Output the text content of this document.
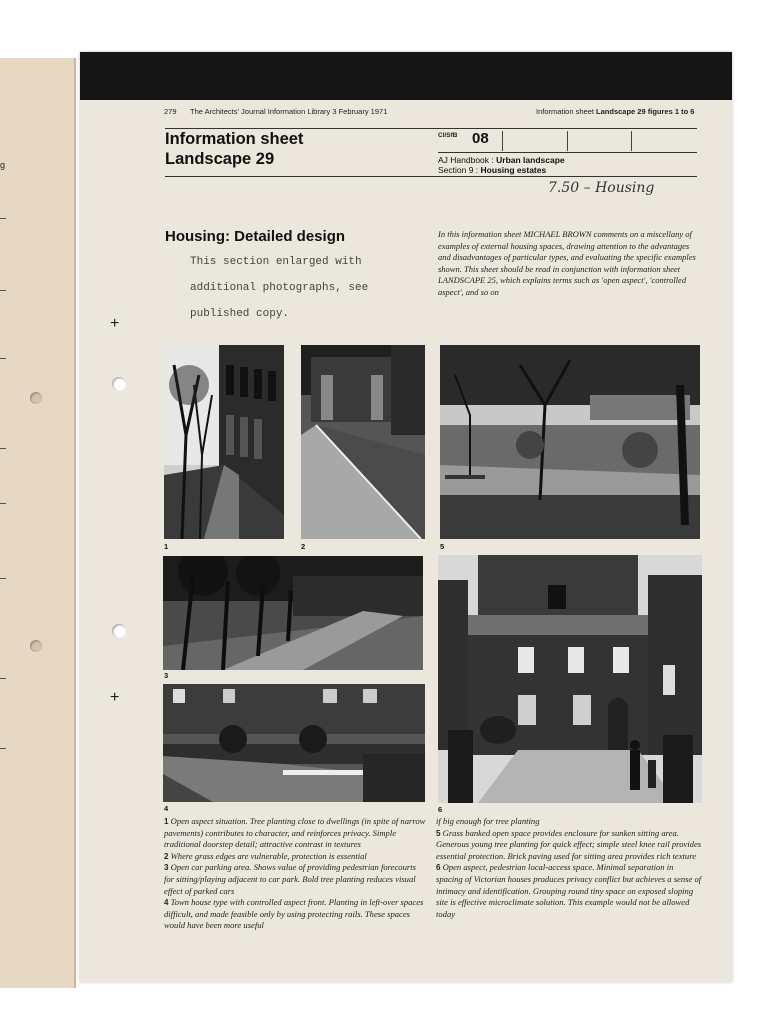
g
+
+
279 The Architects' Journal Information Library 3 February 1971	Information sheet Landscape 29 figures 1 to 6
Information sheet
Landscape 29
CI/SfB 08
AJ Handbook : Urban landscape
Section 9 : Housing estates
7.50 – Housing
Housing: Detailed design
This section enlarged with
additional photographs, see
published copy.
In this information sheet MICHAEL BROWN comments on a miscellany of examples of external housing spaces, drawing attention to the advantages and disadvantages of particular types, and evaluating the specific examples shown. This sheet should be read in conjunction with information sheet LANDSCAPE 25, which explains terms such as 'open aspect', 'controlled aspect', and so on
1	2	5
3
4	6

1 Open aspect situation. Tree planting close to dwellings (in spite of narrow pavements) contributes to character, and reinforces privacy. Simple traditional doorstep detail; attractive contrast in textures

2 Where grass edges are vulnerable, protection is essential

3 Open car parking area. Shows value of providing pedestrian forecourts for sitting/playing adjacent to car park. Bold tree planting reduces visual effect of parked cars

4 Town house type with controlled aspect front. Planting in left-over spaces difficult, and made feasible only by using protecting rails. These spaces would have been more useful

if big enough for tree planting

5 Grass banked open space provides enclosure for sunken sitting area. Generous young tree planting for quick effect; simple steel knee rail provides essential protection. Brick paving used for sitting area provides rich texture

6 Open aspect, pedestrian local-access space. Minimal separation in spacing of Victorian houses produces privacy conflict but achieves a sense of intimacy and identification. Grouping round tiny space on exposed sloping site is effective microclimate solution. This example would not be allowed today
